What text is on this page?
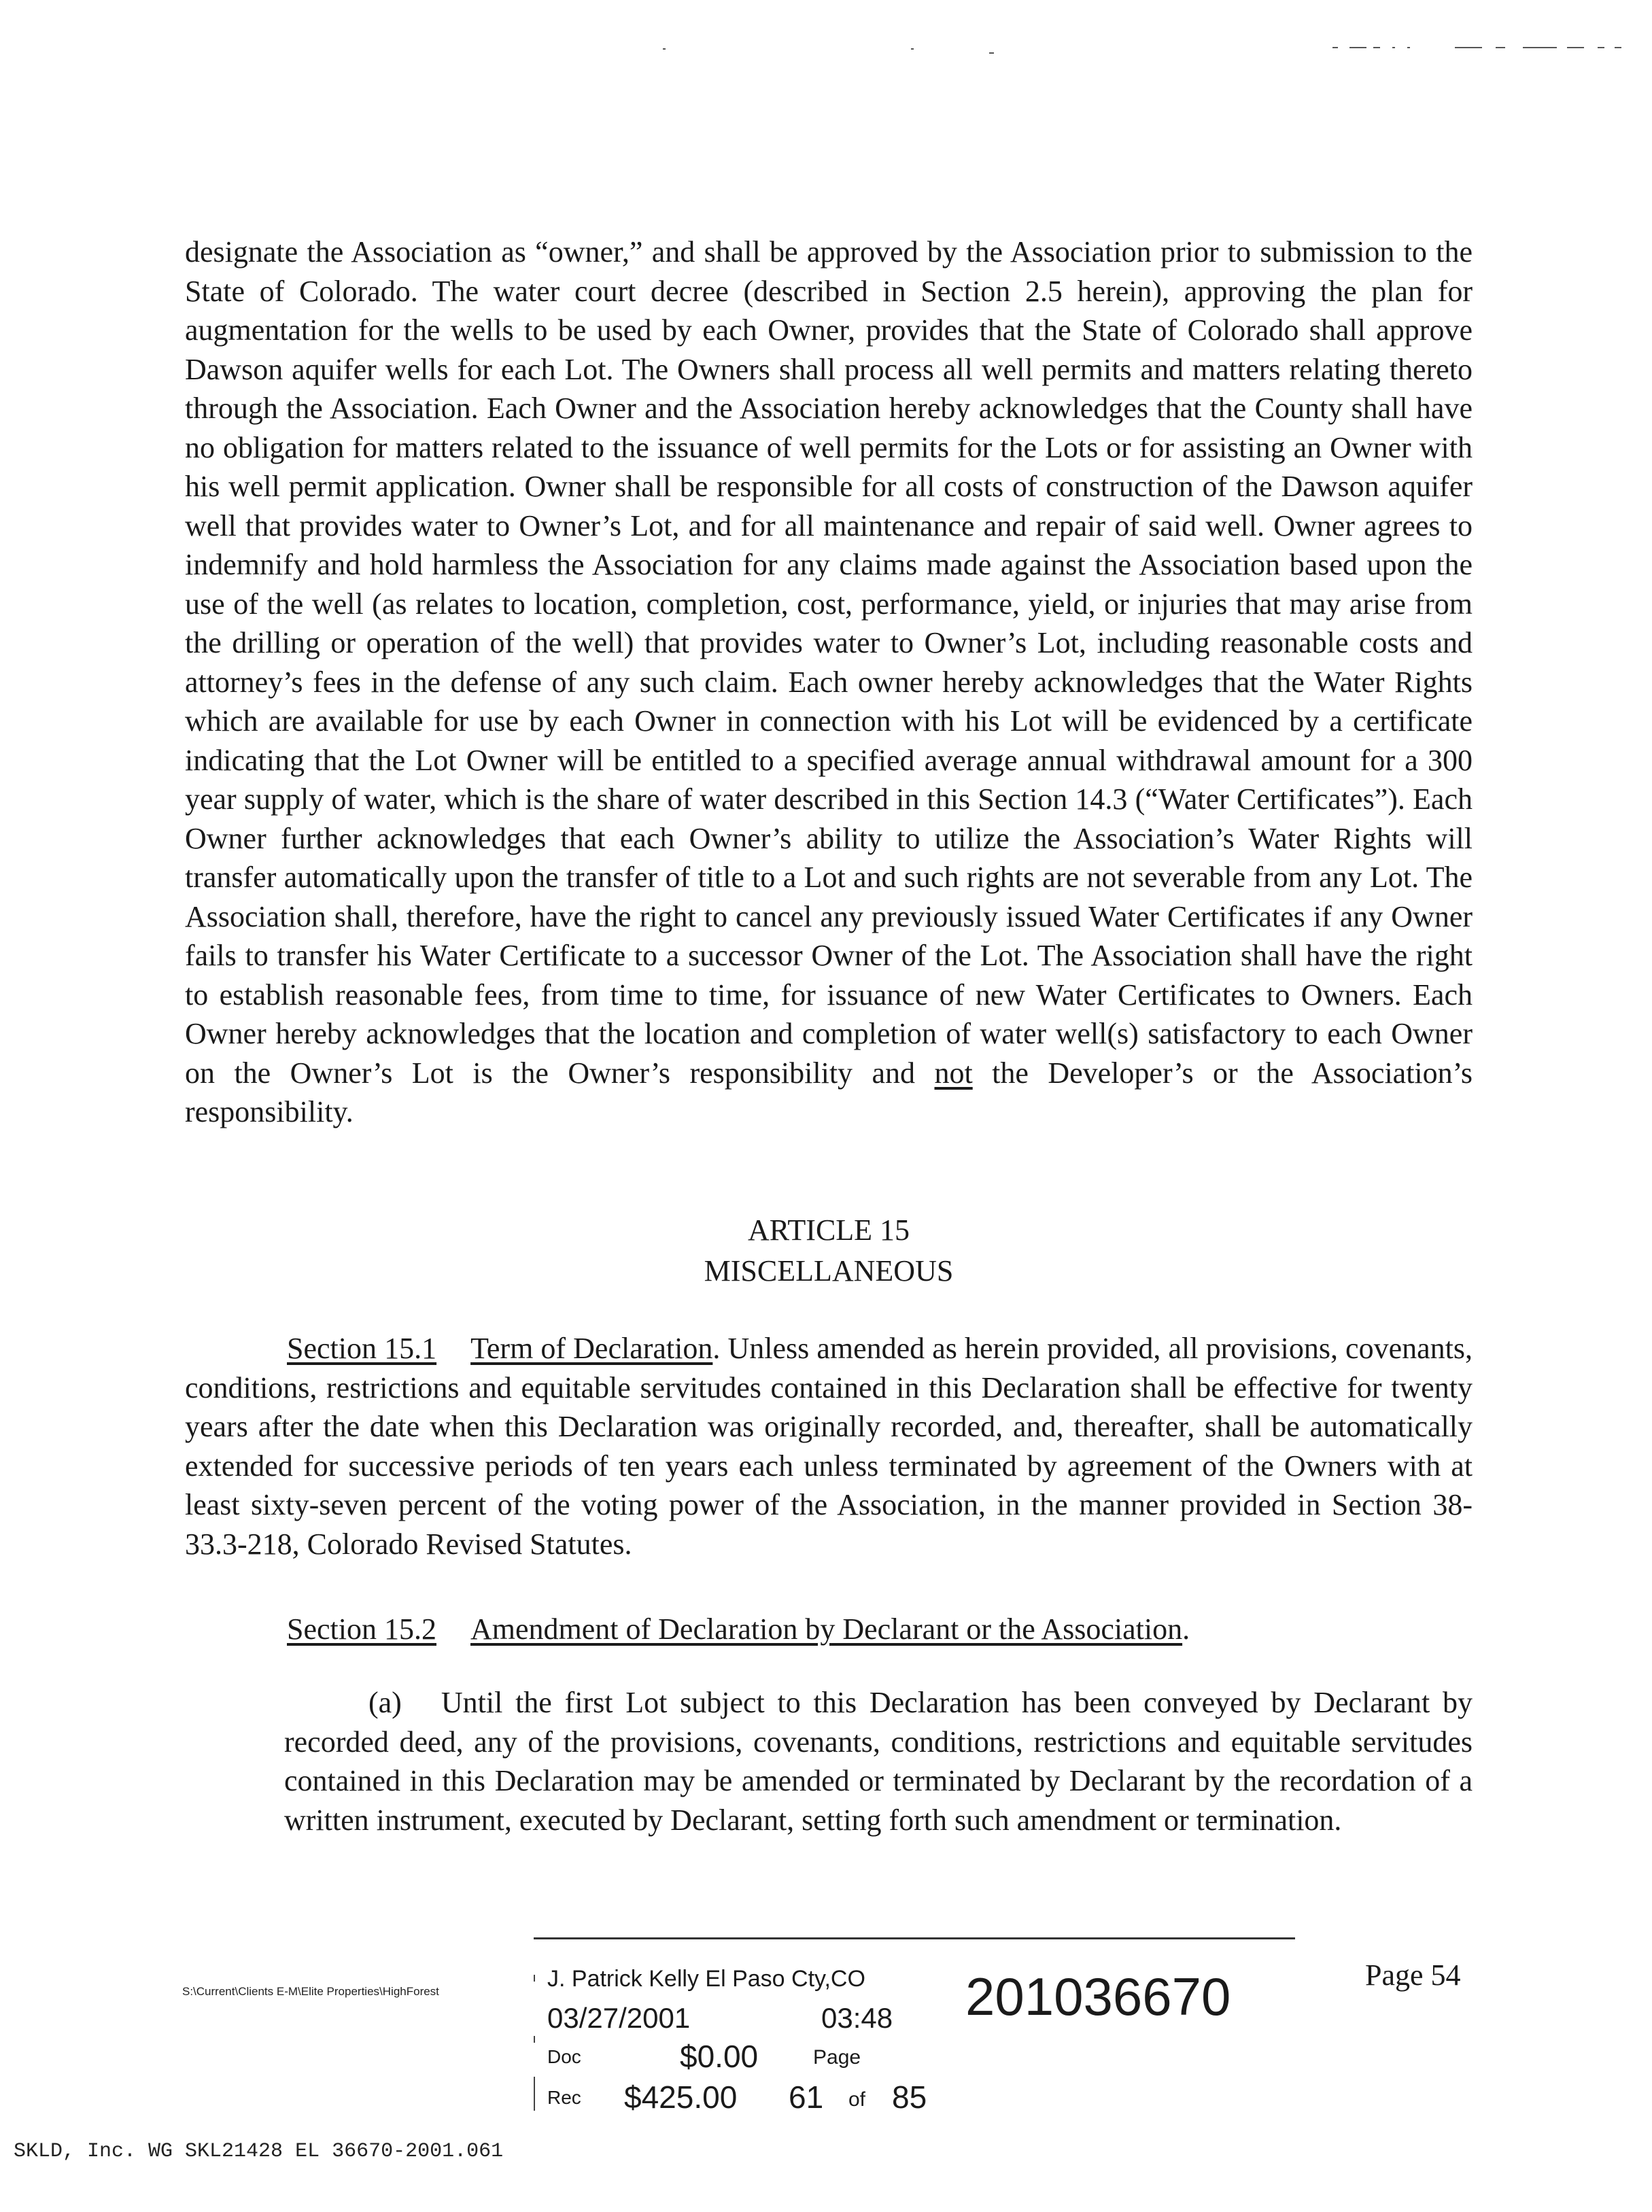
designate the Association as “owner,” and shall be approved by the Association prior to submission to the State of Colorado. The water court decree (described in Section 2.5 herein), approving the plan for augmentation for the wells to be used by each Owner, provides that the State of Colorado shall approve Dawson aquifer wells for each Lot. The Owners shall process all well permits and matters relating thereto through the Association. Each Owner and the Association hereby acknowledges that the County shall have no obligation for matters related to the issuance of well permits for the Lots or for assisting an Owner with his well permit application. Owner shall be responsible for all costs of construction of the Dawson aquifer well that provides water to Owner’s Lot, and for all maintenance and repair of said well. Owner agrees to indemnify and hold harmless the Association for any claims made against the Association based upon the use of the well (as relates to location, completion, cost, performance, yield, or injuries that may arise from the drilling or operation of the well) that provides water to Owner’s Lot, including reasonable costs and attorney’s fees in the defense of any such claim. Each owner hereby acknowledges that the Water Rights which are available for use by each Owner in connection with his Lot will be evidenced by a certificate indicating that the Lot Owner will be entitled to a specified average annual withdrawal amount for a 300 year supply of water, which is the share of water described in this Section 14.3 (“Water Certificates”). Each Owner further acknowledges that each Owner’s ability to utilize the Association’s Water Rights will transfer automatically upon the transfer of title to a Lot and such rights are not severable from any Lot. The Association shall, therefore, have the right to cancel any previously issued Water Certificates if any Owner fails to transfer his Water Certificate to a successor Owner of the Lot. The Association shall have the right to establish reasonable fees, from time to time, for issuance of new Water Certificates to Owners. Each Owner hereby acknowledges that the location and completion of water well(s) satisfactory to each Owner on the Owner’s Lot is the Owner’s responsibility and not the Developer’s or the Association’s responsibility.

ARTICLE 15
MISCELLANEOUS

Section 15.1 Term of Declaration. Unless amended as herein provided, all provisions, covenants, conditions, restrictions and equitable servitudes contained in this Declaration shall be effective for twenty years after the date when this Declaration was originally recorded, and, thereafter, shall be automatically extended for successive periods of ten years each unless terminated by agreement of the Owners with at least sixty-seven percent of the voting power of the Association, in the manner provided in Section 38-33.3-218, Colorado Revised Statutes.

Section 15.2 Amendment of Declaration by Declarant or the Association.

(a) Until the first Lot subject to this Declaration has been conveyed by Declarant by recorded deed, any of the provisions, covenants, conditions, restrictions and equitable servitudes contained in this Declaration may be amended or terminated by Declarant by the recordation of a written instrument, executed by Declarant, setting forth such amendment or termination.

S:\Current\Clients E-M\Elite Properties\HighForest	J. Patrick Kelly El Paso Cty,CO
03/27/2001	03:48 201036670
Doc	$0.00	Page
Rec $425.00 61 of 85
Page 54
SKLD, Inc. WG SKL21428 EL 36670-2001.061
